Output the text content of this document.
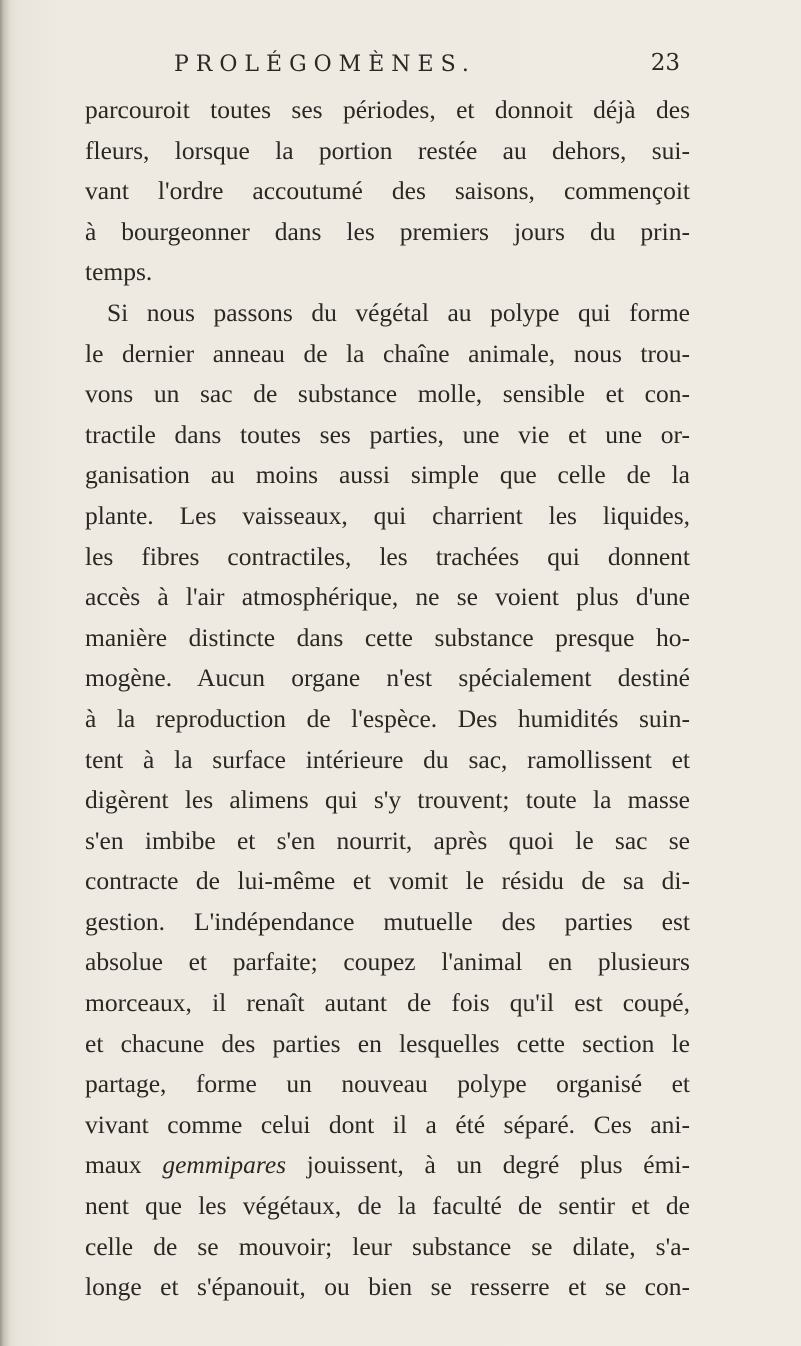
PROLÉGOMÈNES.	23
parcouroit toutes ses périodes, et donnoit déjà des
fleurs, lorsque la portion restée au dehors, sui-
vant l'ordre accoutumé des saisons, commençoit
à bourgeonner dans les premiers jours du prin-
temps.
Si nous passons du végétal au polype qui forme
le dernier anneau de la chaîne animale, nous trou-
vons un sac de substance molle, sensible et con-
tractile dans toutes ses parties, une vie et une or-
ganisation au moins aussi simple que celle de la
plante. Les vaisseaux, qui charrient les liquides,
les fibres contractiles, les trachées qui donnent
accès à l'air atmosphérique, ne se voient plus d'une
manière distincte dans cette substance presque ho-
mogène. Aucun organe n'est spécialement destiné
à la reproduction de l'espèce. Des humidités suin-
tent à la surface intérieure du sac, ramollissent et
digèrent les alimens qui s'y trouvent; toute la masse
s'en imbibe et s'en nourrit, après quoi le sac se
contracte de lui-même et vomit le résidu de sa di-
gestion. L'indépendance mutuelle des parties est
absolue et parfaite; coupez l'animal en plusieurs
morceaux, il renaît autant de fois qu'il est coupé,
et chacune des parties en lesquelles cette section le
partage, forme un nouveau polype organisé et
vivant comme celui dont il a été séparé. Ces ani-
maux gemmipares jouissent, à un degré plus émi-
nent que les végétaux, de la faculté de sentir et de
celle de se mouvoir; leur substance se dilate, s'a-
longe et s'épanouit, ou bien se resserre et se con-
